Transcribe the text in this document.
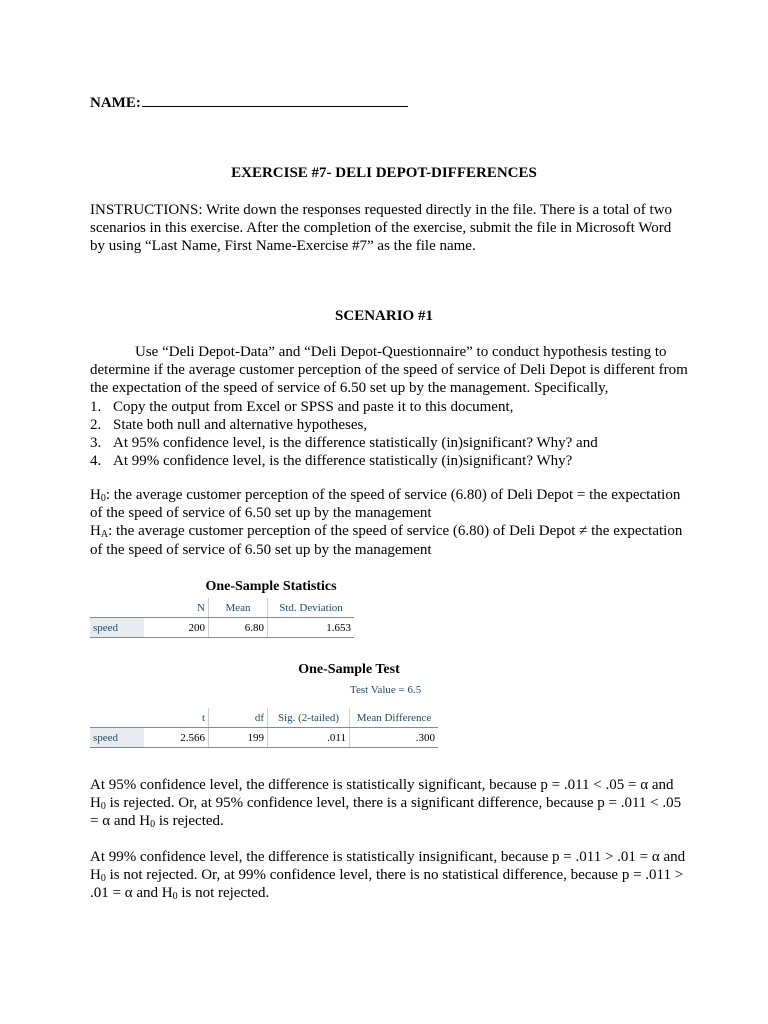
NAME:
EXERCISE #7- DELI DEPOT-DIFFERENCES

INSTRUCTIONS: Write down the responses requested directly in the file. There is a total of two scenarios in this exercise. After the completion of the exercise, submit the file in Microsoft Word by using “Last Name, First Name-Exercise #7” as the file name.

SCENARIO #1

Use “Deli Depot-Data” and “Deli Depot-Questionnaire” to conduct hypothesis testing to determine if the average customer perception of the speed of service of Deli Depot is different from the expectation of the speed of service of 6.50 set up by the management. Specifically,

1. Copy the output from Excel or SPSS and paste it to this document,
2. State both null and alternative hypotheses,
3. At 95% confidence level, is the difference statistically (in)significant? Why? and
4. At 99% confidence level, is the difference statistically (in)significant? Why?

$H_0$: the average customer perception of the speed of service (6.80) of Deli Depot = the expectation of the speed of service of 6.50 set up by the management

$H_A$: the average customer perception of the speed of service (6.80) of Deli Depot ≠ the expectation of the speed of service of 6.50 set up by the management

One-Sample Statistics
	N	Mean	Std. Deviation
speed	200	6.80	1.653
One-Sample Test
Test Value = 6.5
	t	df	Sig. (2-tailed)	Mean Difference
speed	2.566	199	.011	.300

At 95% confidence level, the difference is statistically significant, because p = .011 < .05 = α and $H_0$ is rejected. Or, at 95% confidence level, there is a significant difference, because p = .011 < .05 = α and $H_0$ is rejected.

At 99% confidence level, the difference is statistically insignificant, because p = .011 > .01 = α and $H_0$ is not rejected. Or, at 99% confidence level, there is no statistical difference, because p = .011 > .01 = α and $H_0$ is not rejected.
